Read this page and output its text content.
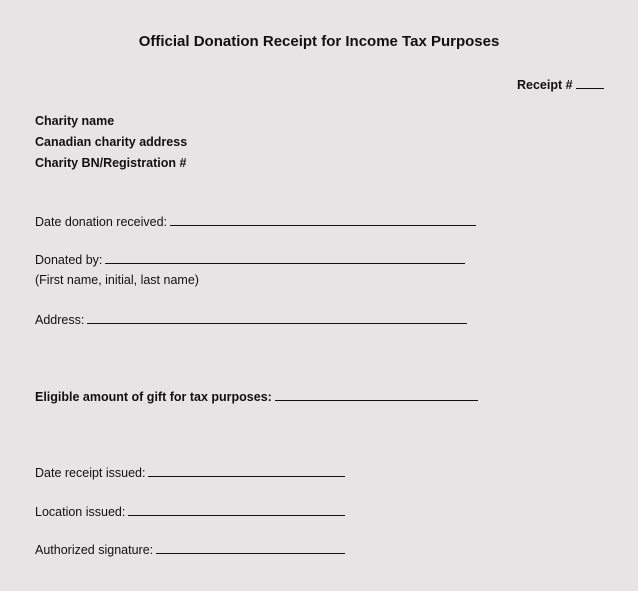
Official Donation Receipt for Income Tax Purposes
Receipt #
Charity name
Canadian charity address
Charity BN/Registration #
Date donation received:
Donated by:
(First name, initial, last name)
Address:
Eligible amount of gift for tax purposes:
Date receipt issued:
Location issued:
Authorized signature:
